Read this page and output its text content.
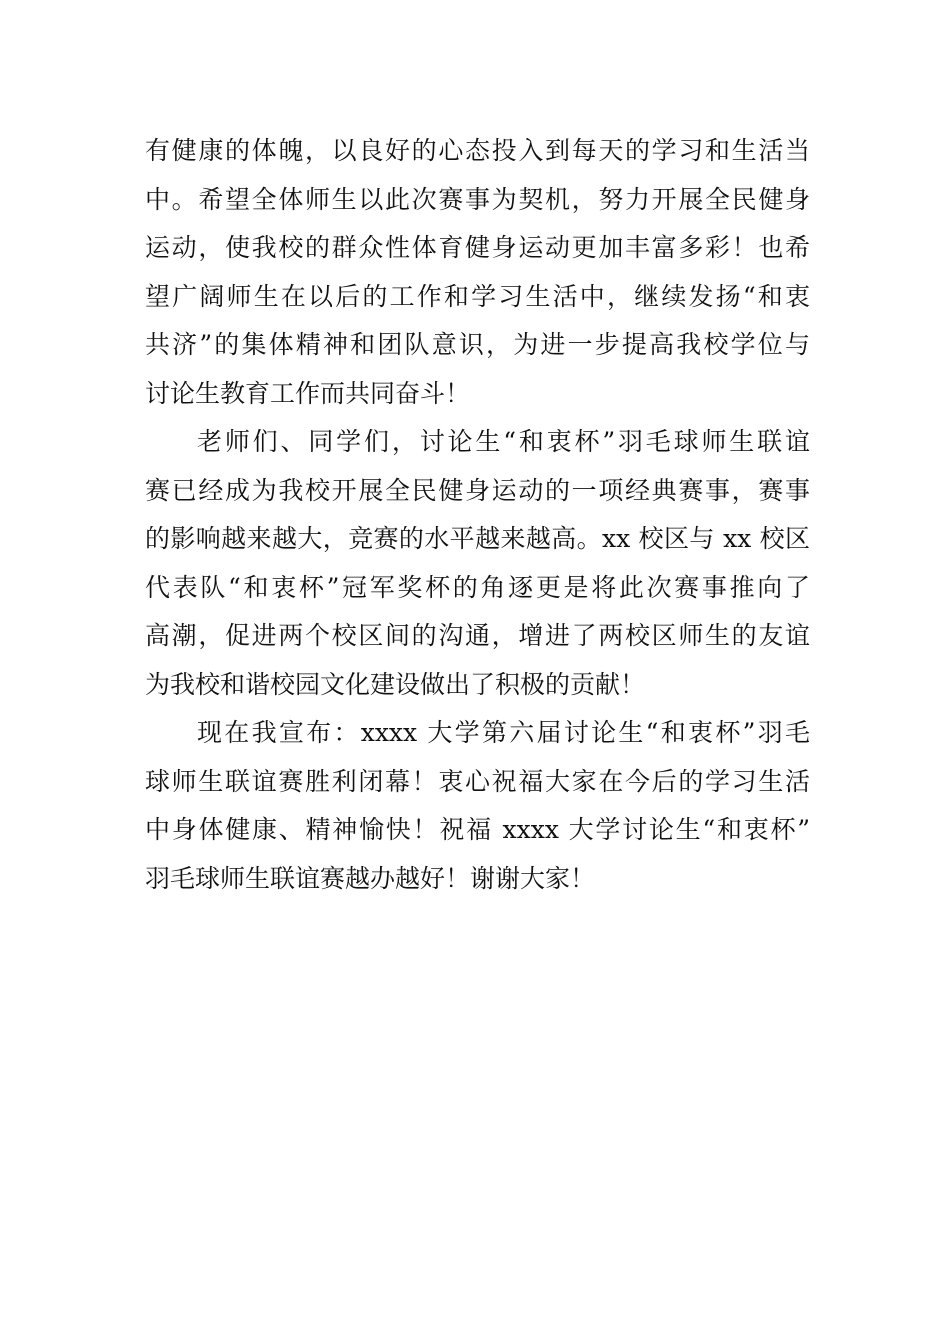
有健康的体魄，以良好的心态投入到每天的学习和生活当
中。希望全体师生以此次赛事为契机，努力开展全民健身
运动，使我校的群众性体育健身运动更加丰富多彩！也希
望广阔师生在以后的工作和学习生活中，继续发扬“和衷
共济”的集体精神和团队意识，为进一步提高我校学位与
讨论生教育工作而共同奋斗！
老师们、同学们，讨论生“和衷杯”羽毛球师生联谊
赛已经成为我校开展全民健身运动的一项经典赛事，赛事
的影响越来越大，竞赛的水平越来越高。xx 校区与 xx 校区
代表队“和衷杯”冠军奖杯的角逐更是将此次赛事推向了
高潮，促进两个校区间的沟通，增进了两校区师生的友谊
为我校和谐校园文化建设做出了积极的贡献！
现在我宣布：xxxx 大学第六届讨论生“和衷杯”羽毛
球师生联谊赛胜利闭幕！衷心祝福大家在今后的学习生活
中身体健康、精神愉快！祝福 xxxx 大学讨论生“和衷杯”
羽毛球师生联谊赛越办越好！谢谢大家！
